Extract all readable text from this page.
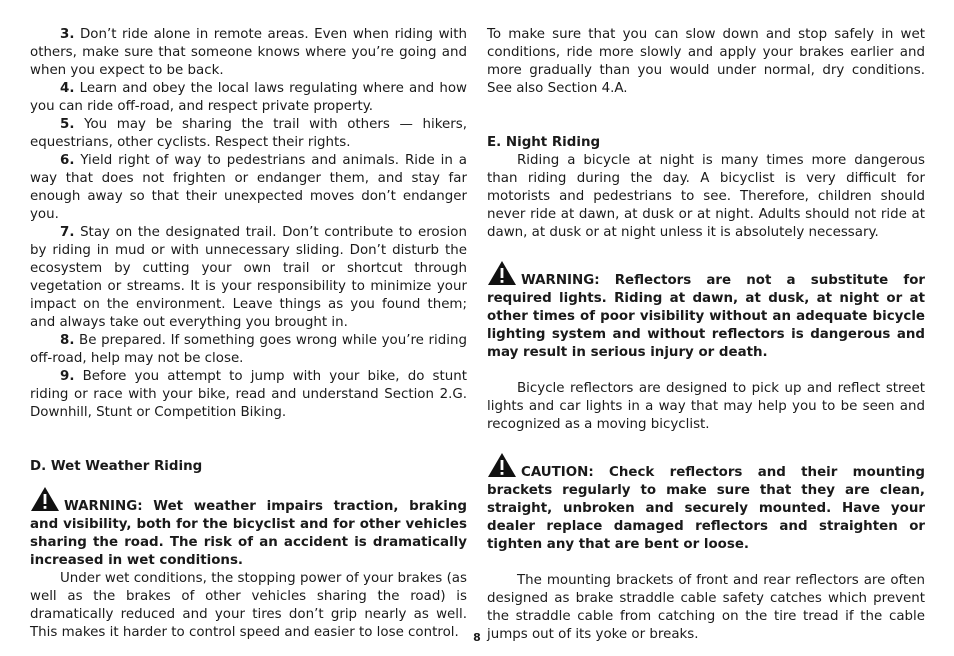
3. Don’t ride alone in remote areas. Even when riding with others, make sure that someone knows where you’re going and when you expect to be back.

4. Learn and obey the local laws regulating where and how you can ride off-road, and respect private property.

5. You may be sharing the trail with others — hikers, equestrians, other cyclists. Respect their rights.

6. Yield right of way to pedestrians and animals. Ride in a way that does not frighten or endanger them, and stay far enough away so that their unexpected moves don’t endanger you.

7. Stay on the designated trail. Don’t contribute to erosion by riding in mud or with unnecessary sliding. Don’t disturb the ecosystem by cutting your own trail or shortcut through vegetation or streams. It is your responsibility to minimize your impact on the environment. Leave things as you found them; and always take out everything you brought in.

8. Be prepared. If something goes wrong while you’re riding off-road, help may not be close.

9. Before you attempt to jump with your bike, do stunt riding or race with your bike, read and understand Section 2.G. Downhill, Stunt or Competition Biking.

D. Wet Weather Riding

WARNING: Wet weather impairs traction, braking and visibility, both for the bicyclist and for other vehicles sharing the road. The risk of an accident is dramatically increased in wet conditions.

Under wet conditions, the stopping power of your brakes (as well as the brakes of other vehicles sharing the road) is dramatically reduced and your tires don’t grip nearly as well. This makes it harder to control speed and easier to lose control.

To make sure that you can slow down and stop safely in wet conditions, ride more slowly and apply your brakes earlier and more gradually than you would under normal, dry conditions. See also Section 4.A.

E. Night Riding

Riding a bicycle at night is many times more dangerous than riding during the day. A bicyclist is very difficult for motorists and pedestrians to see. Therefore, children should never ride at dawn, at dusk or at night. Adults should not ride at dawn, at dusk or at night unless it is absolutely necessary.

WARNING: Reflectors are not a substitute for required lights. Riding at dawn, at dusk, at night or at other times of poor visibility without an adequate bicycle lighting system and without reflectors is dangerous and may result in serious injury or death.

Bicycle reflectors are designed to pick up and reflect street lights and car lights in a way that may help you to be seen and recognized as a moving bicyclist.

CAUTION: Check reflectors and their mounting brackets regularly to make sure that they are clean, straight, unbroken and securely mounted. Have your dealer replace damaged reflectors and straighten or tighten any that are bent or loose.

The mounting brackets of front and rear reflectors are often designed as brake straddle cable safety catches which prevent the straddle cable from catching on the tire tread if the cable jumps out of its yoke or breaks.

8
